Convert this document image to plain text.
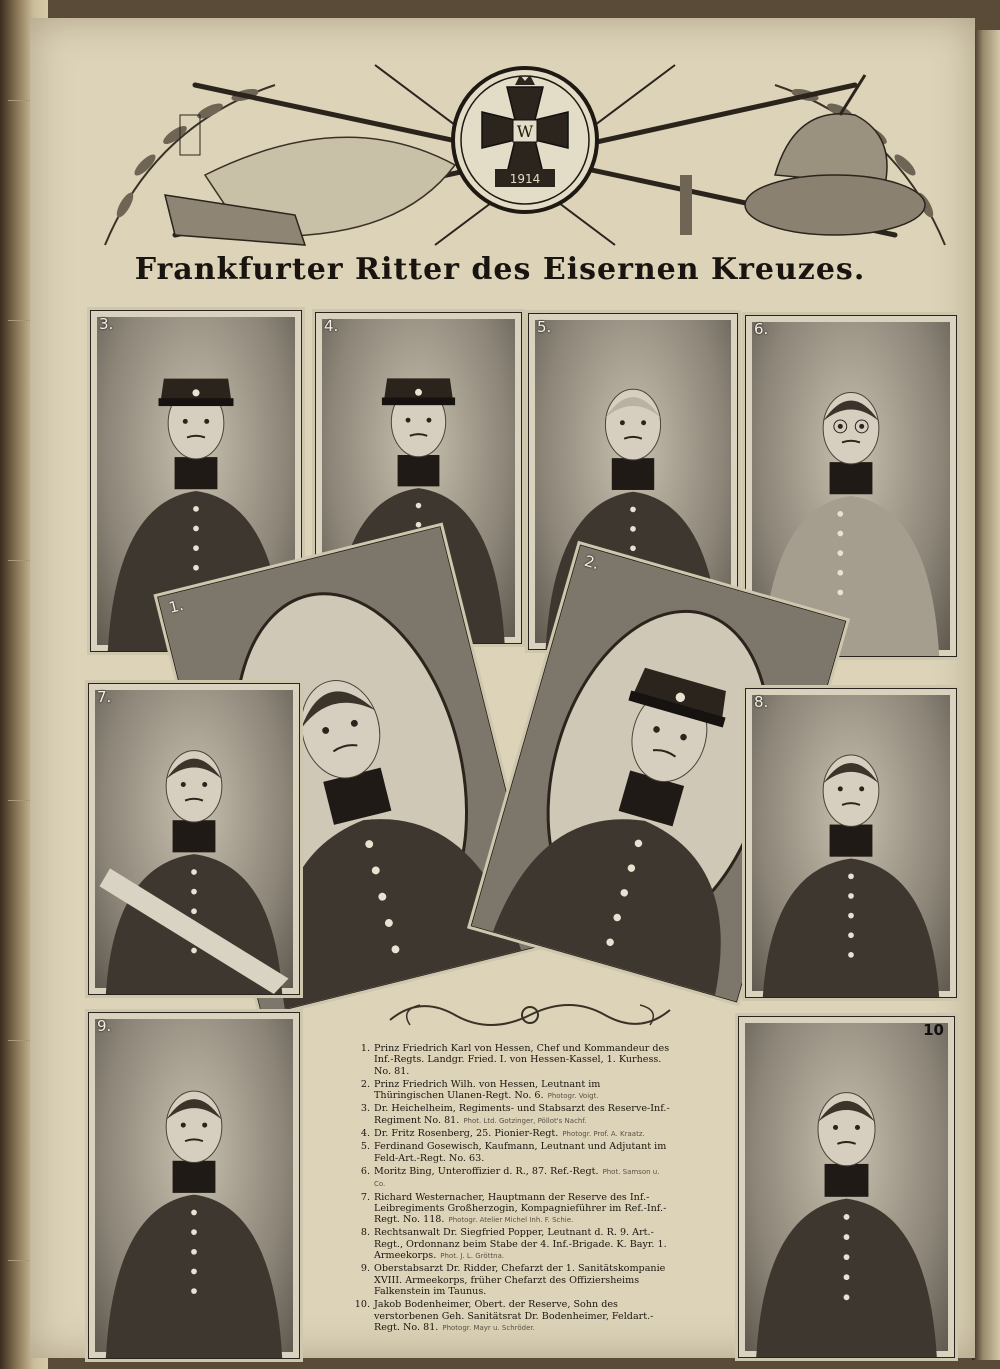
W
1914
Frankfurter Ritter des Eisernen Kreuzes.
3.	4.	5.	6.
1.
2.
7.	8.
9.	10
1. Prinz Friedrich Karl von Hessen, Chef und Kommandeur des Inf.-Regts. Landgr. Fried. I. von Hessen-Kassel, 1. Kurhess. No. 81.
2. Prinz Friedrich Wilh. von Hessen, Leutnant im Thüringischen Ulanen-Regt. No. 6. Photogr. Voigt.
3. Dr. Heichelheim, Regiments- und Stabsarzt des Reserve-Inf.-Regiment No. 81. Phot. Ltd. Gotzinger, Pöllot's Nachf.
4. Dr. Fritz Rosenberg, 25. Pionier-Regt. Photogr. Prof. A. Kraatz.
5. Ferdinand Gosewisch, Kaufmann, Leutnant und Adjutant im Feld-Art.-Regt. No. 63.
6. Moritz Bing, Unteroffizier d. R., 87. Ref.-Regt. Phot. Samson u. Co.
7. Richard Westernacher, Hauptmann der Reserve des Inf.-Leibregiments Großherzogin, Kompagnieführer im Ref.-Inf.-Regt. No. 118. Photogr. Atelier Michel Inh. F. Schie.
8. Rechtsanwalt Dr. Siegfried Popper, Leutnant d. R. 9. Art.-Regt., Ordonnanz beim Stabe der 4. Inf.-Brigade. K. Bayr. 1. Armeekorps. Phot. J. L. Gröttna.
9. Oberstabsarzt Dr. Ridder, Chefarzt der 1. Sanitätskompanie XVIII. Armeekorps, früher Chefarzt des Offiziersheims Falkenstein im Taunus.
10. Jakob Bodenheimer, Obert. der Reserve, Sohn des verstorbenen Geh. Sanitätsrat Dr. Bodenheimer, Feldart.-Regt. No. 81. Photogr. Mayr u. Schröder.
